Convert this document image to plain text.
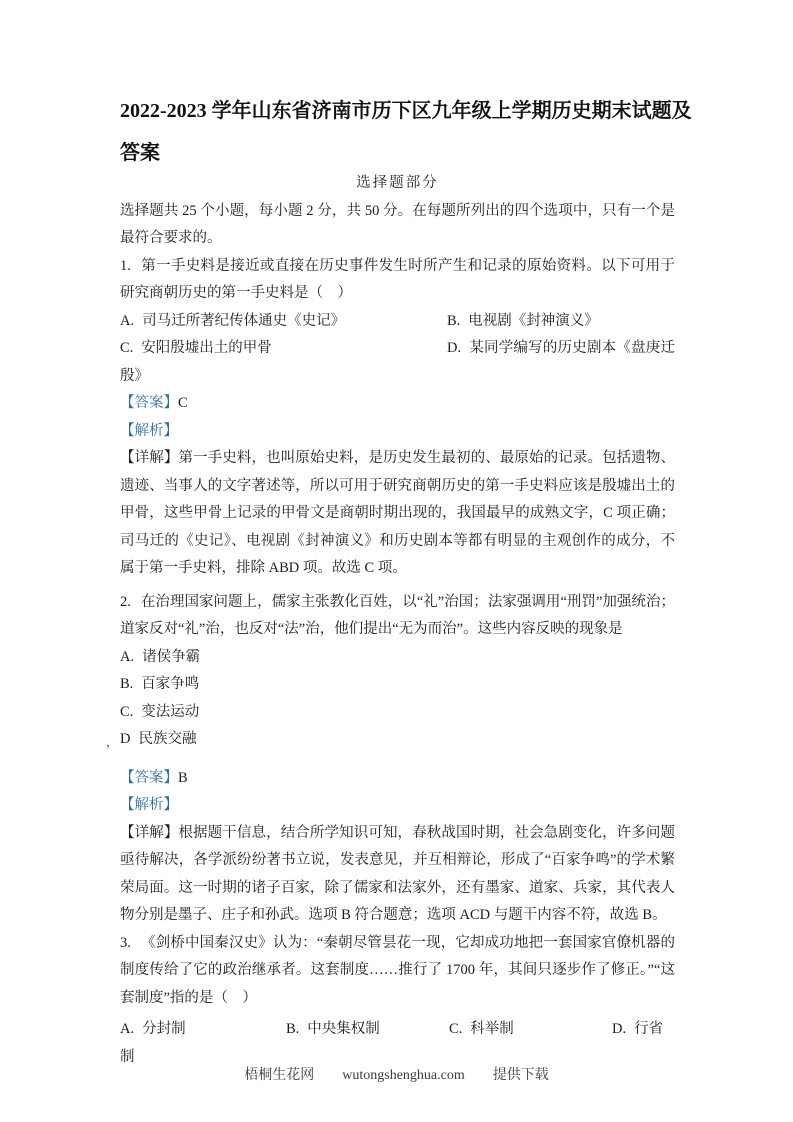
2022-2023 学年山东省济南市历下区九年级上学期历史期末试题及答案
选择题部分

选择题共 25 个小题，每小题 2 分，共 50 分。在每题所列出的四个选项中，只有一个是最符合要求的。

1. 第一手史料是接近或直接在历史事件发生时所产生和记录的原始资料。以下可用于研究商朝历史的第一手史料是（　）

A. 司马迁所著纪传体通史《史记》	B. 电视剧《封神演义》

C. 安阳殷墟出土的甲骨	D. 某同学编写的历史剧本《盘庚迁殷》

【答案】C

【解析】

【详解】第一手史料，也叫原始史料，是历史发生最初的、最原始的记录。包括遗物、遗迹、当事人的文字著述等，所以可用于研究商朝历史的第一手史料应该是殷墟出土的甲骨，这些甲骨上记录的甲骨文是商朝时期出现的，我国最早的成熟文字，C 项正确；司马迁的《史记》、电视剧《封神演义》和历史剧本等都有明显的主观创作的成分，不属于第一手史料，排除 ABD 项。故选 C 项。

2. 在治理国家问题上，儒家主张教化百姓，以“礼”治国；法家强调用“刑罚”加强统治；道家反对“礼”治，也反对“法”治，他们提出“无为而治”。这些内容反映的现象是

A. 诸侯争霸

B. 百家争鸣

C. 变法运动

D 民族交融

【答案】B

【解析】

【详解】根据题干信息，结合所学知识可知，春秋战国时期，社会急剧变化，许多问题亟待解决，各学派纷纷著书立说，发表意见，并互相辩论，形成了“百家争鸣”的学术繁荣局面。这一时期的诸子百家，除了儒家和法家外，还有墨家、道家、兵家，其代表人物分别是墨子、庄子和孙武。选项 B 符合题意；选项 ACD 与题干内容不符，故选 B。

3. 《剑桥中国秦汉史》认为：“秦朝尽管昙花一现，它却成功地把一套国家官僚机器的制度传给了它的政治继承者。这套制度……推行了 1700 年，其间只逐步作了修正。”“这套制度”指的是（　）

A. 分封制	B. 中央集权制	C. 科举制	D. 行省制

，
梧桐生花网 wutongshenghua.com 提供下载
